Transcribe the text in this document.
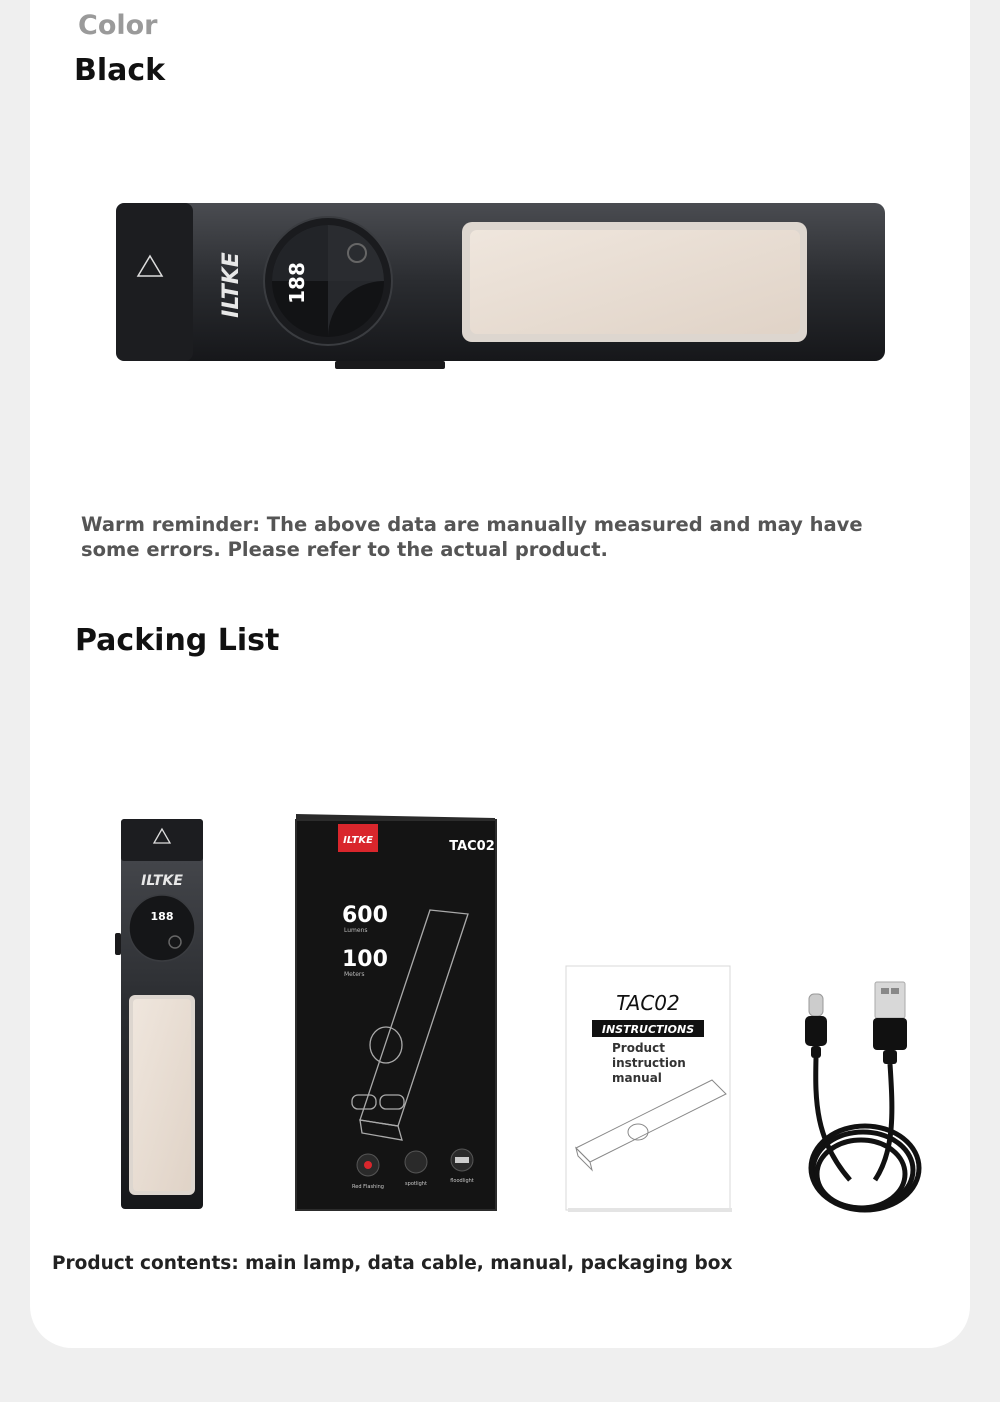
Color
Black
ILTKE 188
Warm reminder: The above data are manually measured and may have some errors. Please refer to the actual product.
Packing List
ILTKE
188
ILTKE	TAC02
600
Lumens
100
Meters
Red Flashing	spotlight	floodlight
TAC02
INSTRUCTIONS
Product
instruction
manual
Product contents: main lamp, data cable, manual, packaging box
